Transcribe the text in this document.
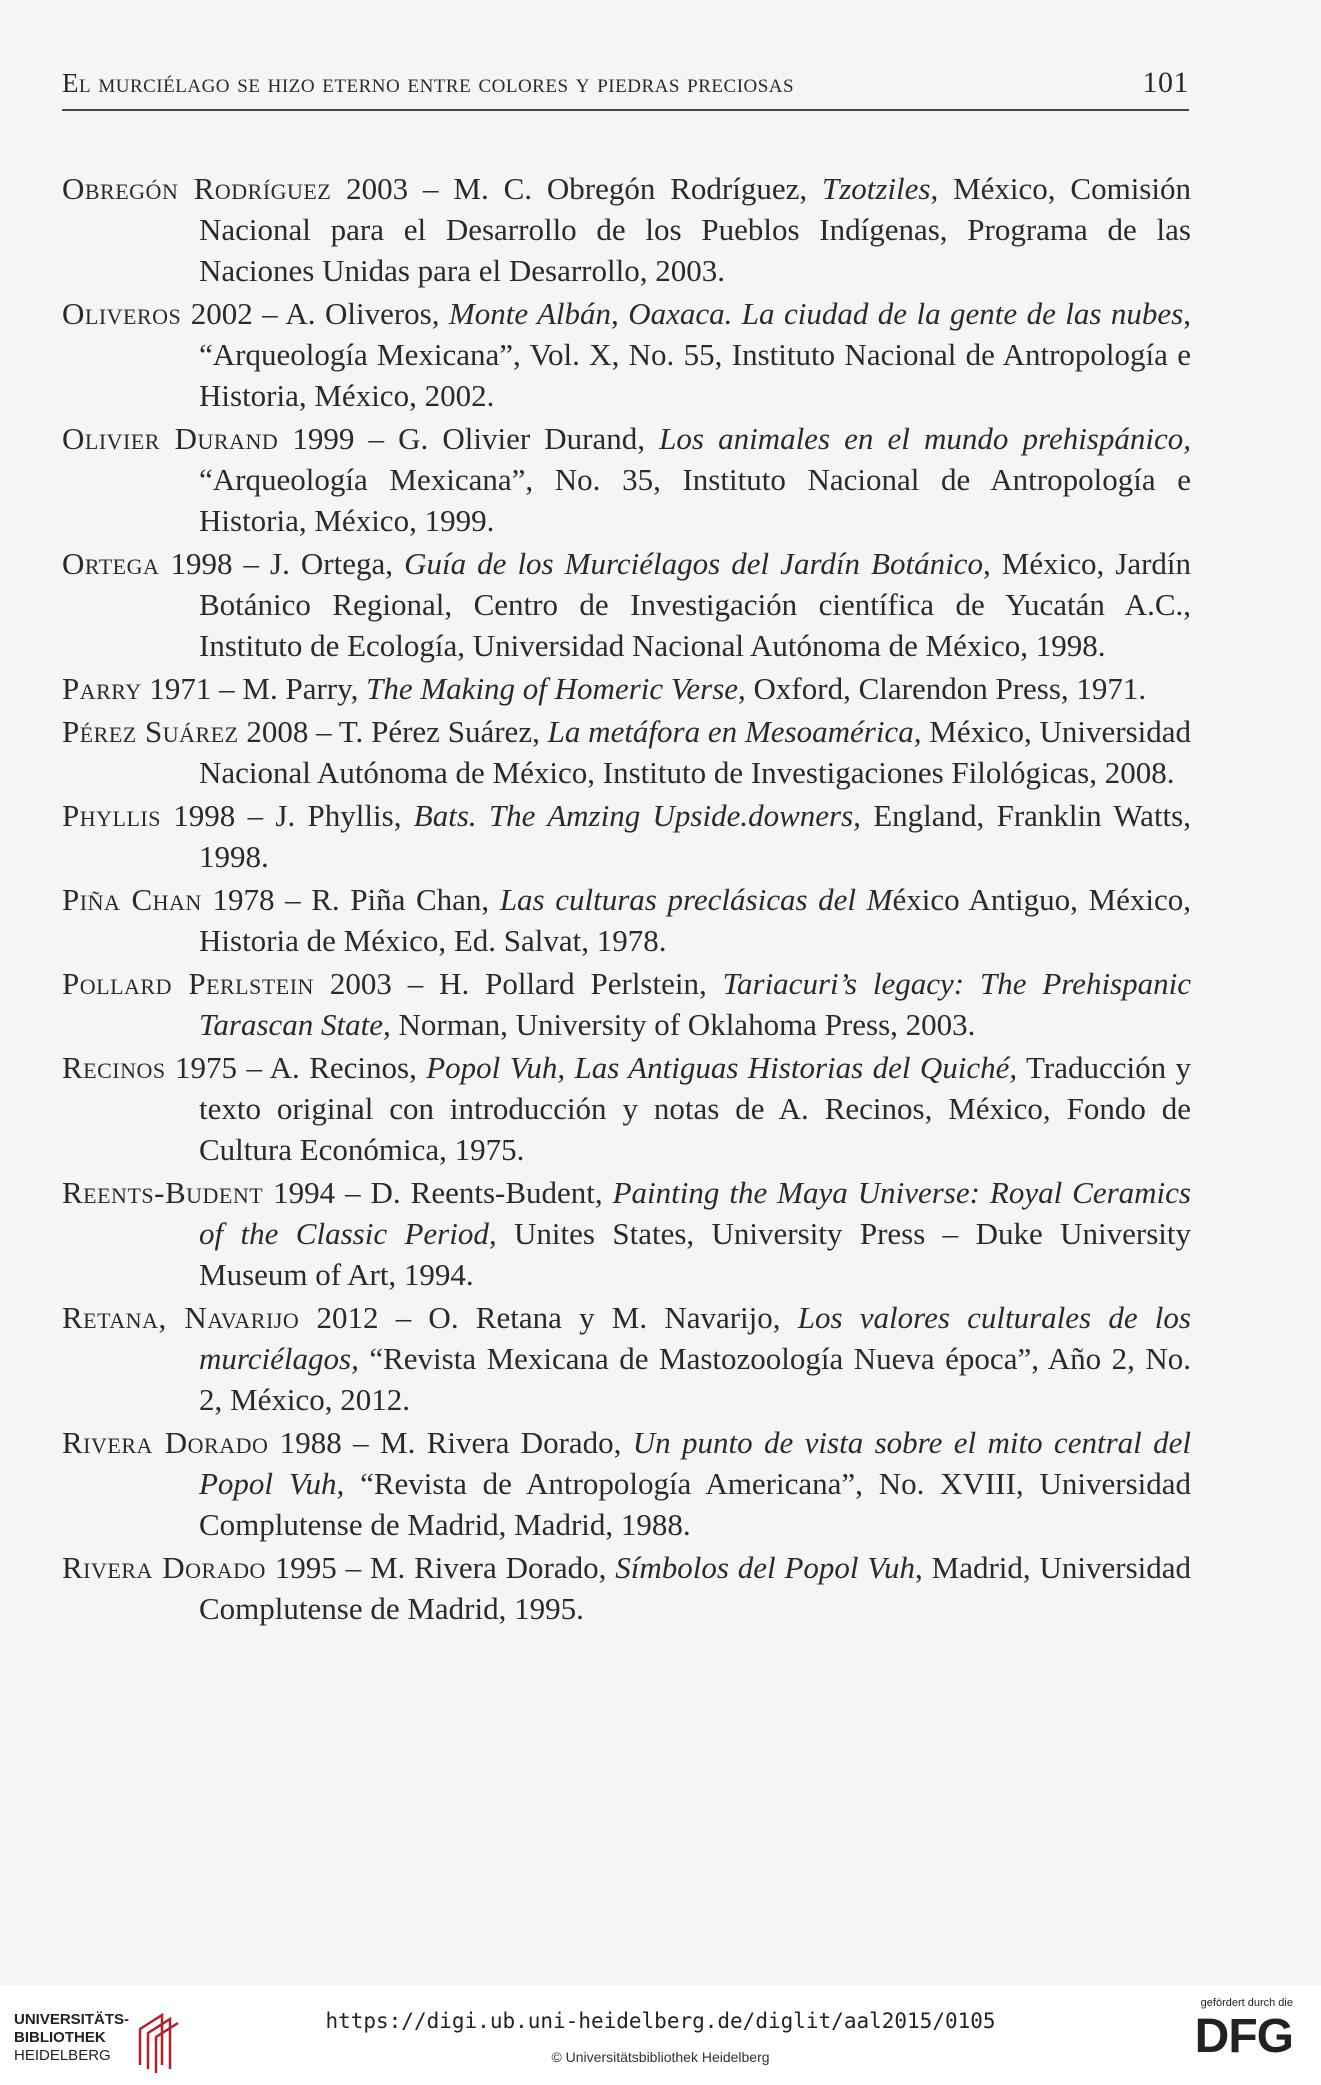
El murciélago se hizo eterno entre colores y piedras preciosas	101

Obregón Rodríguez 2003 – M. C. Obregón Rodríguez, Tzotziles, México, Comisión Nacional para el Desarrollo de los Pueblos Indígenas, Programa de las Naciones Unidas para el Desarrollo, 2003.

Oliveros 2002 – A. Oliveros, Monte Albán, Oaxaca. La ciudad de la gente de las nubes, “Arqueología Mexicana”, Vol. X, No. 55, Instituto Nacional de Antropología e Historia, México, 2002.

Olivier Durand 1999 – G. Olivier Durand, Los animales en el mundo prehispánico, “Arqueología Mexicana”, No. 35, Instituto Nacional de Antropología e Historia, México, 1999.

Ortega 1998 – J. Ortega, Guía de los Murciélagos del Jardín Botánico, México, Jardín Botánico Regional, Centro de Investigación científica de Yucatán A.C., Instituto de Ecología, Universidad Nacional Autónoma de México, 1998.

Parry 1971 – M. Parry, The Making of Homeric Verse, Oxford, Clarendon Press, 1971.

Pérez Suárez 2008 – T. Pérez Suárez, La metáfora en Mesoamérica, México, Universidad Nacional Autónoma de México, Instituto de Investigaciones Filológicas, 2008.

Phyllis 1998 – J. Phyllis, Bats. The Amzing Upside.downers, England, Franklin Watts, 1998.

Piña Chan 1978 – R. Piña Chan, Las culturas preclásicas del México Antiguo, México, Historia de México, Ed. Salvat, 1978.

Pollard Perlstein 2003 – H. Pollard Perlstein, Tariacuri’s legacy: The Prehispanic Tarascan State, Norman, University of Oklahoma Press, 2003.

Recinos 1975 – A. Recinos, Popol Vuh, Las Antiguas Historias del Quiché, Traducción y texto original con introducción y notas de A. Recinos, México, Fondo de Cultura Económica, 1975.

Reents-Budent 1994 – D. Reents-Budent, Painting the Maya Universe: Royal Ceramics of the Classic Period, Unites States, University Press – Duke University Museum of Art, 1994.

Retana, Navarijo 2012 – O. Retana y M. Navarijo, Los valores culturales de los murciélagos, “Revista Mexicana de Mastozoología Nueva época”, Año 2, No. 2, México, 2012.

Rivera Dorado 1988 – M. Rivera Dorado, Un punto de vista sobre el mito central del Popol Vuh, “Revista de Antropología Americana”, No. XVIII, Universidad Complutense de Madrid, Madrid, 1988.

Rivera Dorado 1995 – M. Rivera Dorado, Símbolos del Popol Vuh, Madrid, Universidad Complutense de Madrid, 1995.

UNIVERSITÄTS-
BIBLIOTHEK
HEIDELBERG
https://digi.ub.uni-heidelberg.de/diglit/aal2015/0105
© Universitätsbibliothek Heidelberg
gefördert durch die
DFG
